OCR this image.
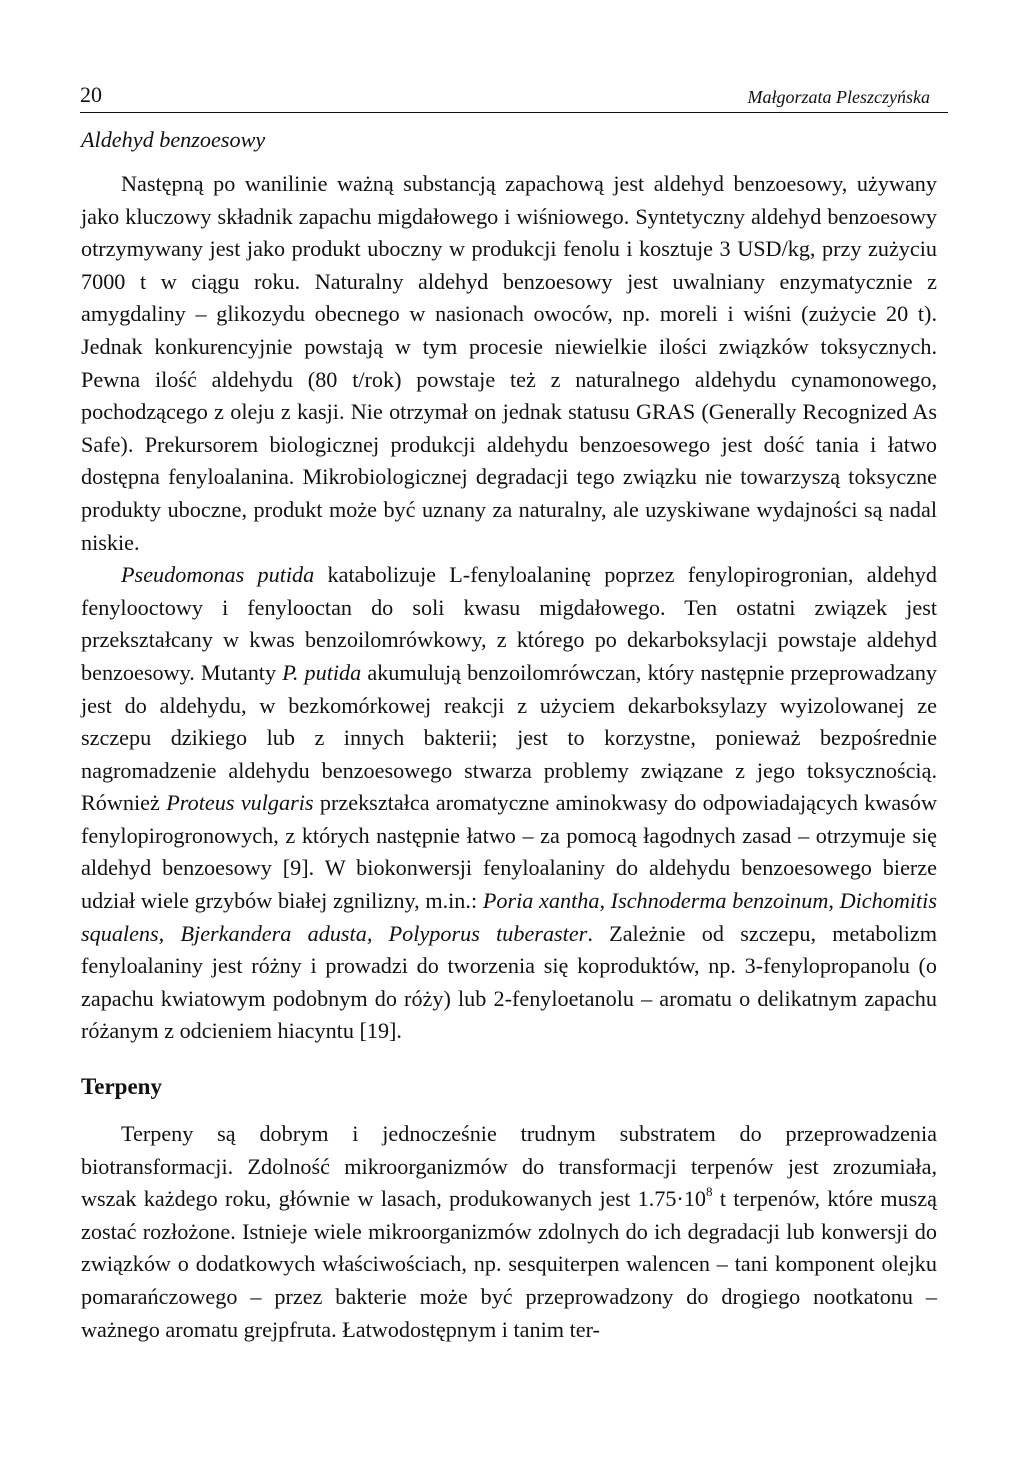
20	Małgorzata Pleszczyńska
Aldehyd benzoesowy

Następną po wanilinie ważną substancją zapachową jest aldehyd benzoesowy, używany jako kluczowy składnik zapachu migdałowego i wiśniowego. Syntetyczny aldehyd benzoesowy otrzymywany jest jako produkt uboczny w produkcji fenolu i kosztuje 3 USD/kg, przy zużyciu 7000 t w ciągu roku. Naturalny aldehyd benzoesowy jest uwalniany enzymatycznie z amygdaliny – glikozydu obecnego w nasionach owoców, np. moreli i wiśni (zużycie 20 t). Jednak konkurencyjnie powstają w tym procesie niewielkie ilości związków toksycznych. Pewna ilość aldehydu (80 t/rok) powstaje też z naturalnego aldehydu cynamonowego, pochodzącego z oleju z kasji. Nie otrzymał on jednak statusu GRAS (Generally Recognized As Safe). Prekursorem biologicznej produkcji aldehydu benzoesowego jest dość tania i łatwo dostępna fenyloalanina. Mikrobiologicznej degradacji tego związku nie towarzyszą toksyczne produkty uboczne, produkt może być uznany za naturalny, ale uzyskiwane wydajności są nadal niskie.

Pseudomonas putida katabolizuje L-fenyloalaninę poprzez fenylopirogronian, aldehyd fenylooctowy i fenylooctan do soli kwasu migdałowego. Ten ostatni związek jest przekształcany w kwas benzoilomrówkowy, z którego po dekarboksylacji powstaje aldehyd benzoesowy. Mutanty P. putida akumulują benzoilomrówczan, który następnie przeprowadzany jest do aldehydu, w bezkomórkowej reakcji z użyciem dekarboksylazy wyizolowanej ze szczepu dzikiego lub z innych bakterii; jest to korzystne, ponieważ bezpośrednie nagromadzenie aldehydu benzoesowego stwarza problemy związane z jego toksycznością. Również Proteus vulgaris przekształca aromatyczne aminokwasy do odpowiadających kwasów fenylopirogronowych, z których następnie łatwo – za pomocą łagodnych zasad – otrzymuje się aldehyd benzoesowy [9]. W biokonwersji fenyloalaniny do aldehydu benzoesowego bierze udział wiele grzybów białej zgnilizny, m.in.: Poria xantha, Ischnoderma benzoinum, Dichomitis squalens, Bjerkandera adusta, Polyporus tuberaster. Zależnie od szczepu, metabolizm fenyloalaniny jest różny i prowadzi do tworzenia się koproduktów, np. 3-fenylopropanolu (o zapachu kwiatowym podobnym do róży) lub 2-fenyloetanolu – aromatu o delikatnym zapachu różanym z odcieniem hiacyntu [19].

Terpeny

Terpeny są dobrym i jednocześnie trudnym substratem do przeprowadzenia biotransformacji. Zdolność mikroorganizmów do transformacji terpenów jest zrozumiała, wszak każdego roku, głównie w lasach, produkowanych jest $1.75\cdot 10^8$ t terpenów, które muszą zostać rozłożone. Istnieje wiele mikroorganizmów zdolnych do ich degradacji lub konwersji do związków o dodatkowych właściwościach, np. sesquiterpen walencen – tani komponent olejku pomarańczowego – przez bakterie może być przeprowadzony do drogiego nootkatonu – ważnego aromatu grejpfruta. Łatwodostępnym i tanim ter-
